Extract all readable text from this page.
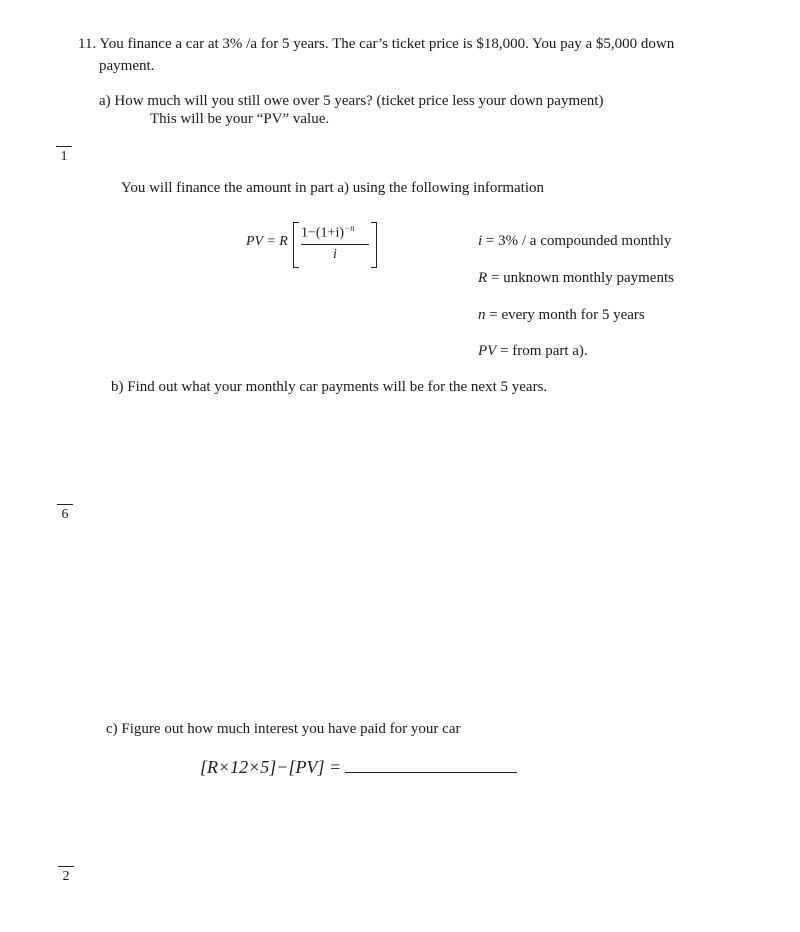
11. You finance a car at 3% /a for 5 years. The car’s ticket price is $18,000. You pay a $5,000 down
payment.
a) How much will you still owe over 5 years? (ticket price less your down payment)
This will be your “PV” value.
1
6
2
You will finance the amount in part a) using the following information
PV = R
$1-(1+i)^{-n}$
i
i = 3% / a compounded monthly
R = unknown monthly payments
n = every month for 5 years
PV = from part a).
b) Find out what your monthly car payments will be for the next 5 years.
c) Figure out how much interest you have paid for your car
[R×12×5]−[PV] =
